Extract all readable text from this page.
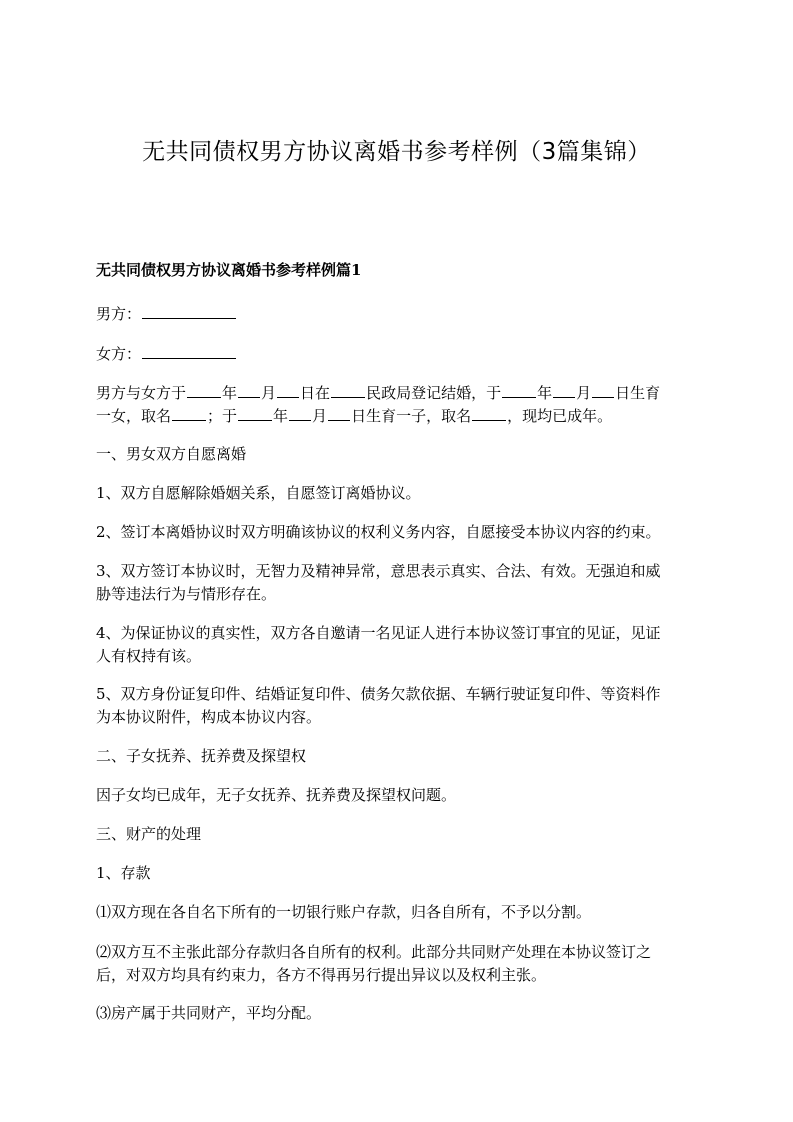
无共同债权男方协议离婚书参考样例（3篇集锦）
无共同债权男方协议离婚书参考样例篇1
男方：
女方：
男方与女方于 年 月 日在 民政局登记结婚，于 年 月 日生育
一女，取名 ；于 年 月 日生育一子，取名 ，现均已成年。
一、男女双方自愿离婚
1、双方自愿解除婚姻关系，自愿签订离婚协议。
2、签订本离婚协议时双方明确该协议的权利义务内容，自愿接受本协议内容的约束。
3、双方签订本协议时，无智力及精神异常，意思表示真实、合法、有效。无强迫和威
胁等违法行为与情形存在。
4、为保证协议的真实性，双方各自邀请一名见证人进行本协议签订事宜的见证，见证
人有权持有该。
5、双方身份证复印件、结婚证复印件、债务欠款依据、车辆行驶证复印件、等资料作
为本协议附件，构成本协议内容。
二、子女抚养、抚养费及探望权
因子女均已成年，无子女抚养、抚养费及探望权问题。
三、财产的处理
1、存款
⑴双方现在各自名下所有的一切银行账户存款，归各自所有，不予以分割。
⑵双方互不主张此部分存款归各自所有的权利。此部分共同财产处理在本协议签订之
后，对双方均具有约束力，各方不得再另行提出异议以及权利主张。
⑶房产属于共同财产，平均分配。
